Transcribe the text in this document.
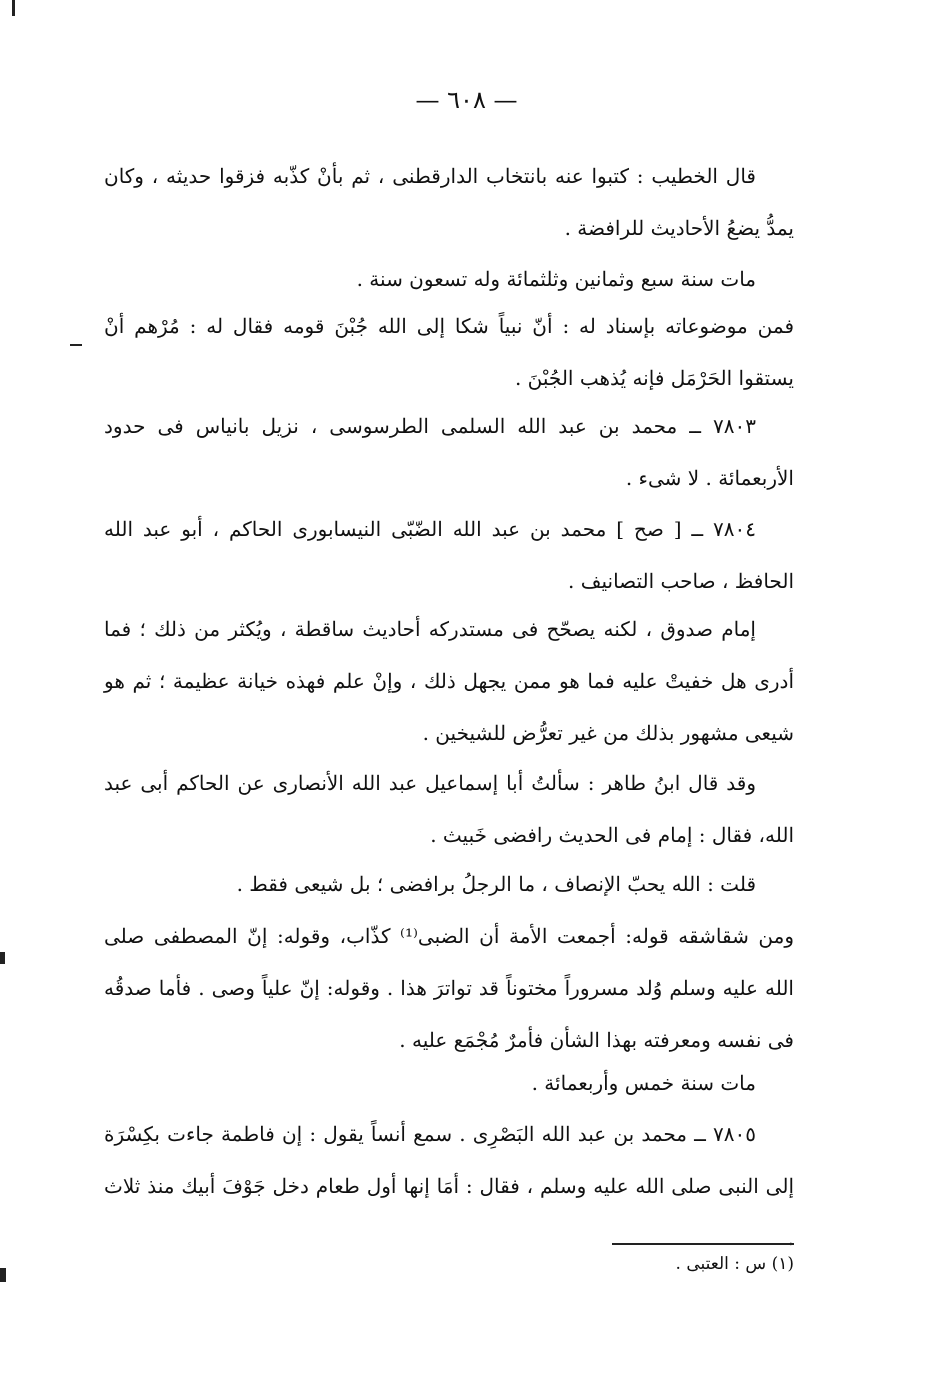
— ٦٠٨ —

قال الخطيب : كتبوا عنه بانتخاب الدارقطنى ، ثم بأنْ كذّبه فزقوا حديثه ، وكان يمدُّ يضعُ الأحاديث للرافضة .

مات سنة سبع وثمانين وثلثمائة وله تسعون سنة .

فمن موضوعاته بإسناد له : أنّ نبياً شكا إلى الله جُبْنَ قومه فقال له : مُرْهم أنْ يستقوا الحَرْمَل فإنه يُذهب الجُبْنَ .

٧٨٠٣ ــ محمد بن عبد الله السلمى الطرسوسى ، نزيل بانياس فى حدود الأربعمائة . لا شىء .

٧٨٠٤ ــ [ صح ] محمد بن عبد الله الضّبّى النيسابورى الحاكم ، أبو عبد الله الحافظ ، صاحب التصانيف .

إمام صدوق ، لكنه يصحّح فى مستدركه أحاديث ساقطة ، ويُكثر من ذلك ؛ فما أدرى هل خفيتْ عليه فما هو ممن يجهل ذلك ، وإنْ علم فهذه خيانة عظيمة ؛ ثم هو شيعى مشهور بذلك من غير تعرُّض للشيخين .

وقد قال ابنُ طاهر : سألتُ أبا إسماعيل عبد الله الأنصارى عن الحاكم أبى عبد الله، فقال : إمام فى الحديث رافضى خَبيث .

قلت : الله يحبّ الإنصاف ، ما الرجلُ برافضى ؛ بل شيعى فقط .

ومن شقاشقه قوله: أجمعت الأمة أن الضبى⁽¹⁾ كذّاب، وقوله: إنّ المصطفى صلى الله عليه وسلم وُلد مسروراً مختوناً قد تواترَ هذا . وقوله: إنّ علياً وصى . فأما صدقُه فى نفسه ومعرفته بهذا الشأن فأمرٌ مُجْمَع عليه .

مات سنة خمس وأربعمائة .

٧٨٠٥ ــ محمد بن عبد الله البَصْرِى . سمع أنساً يقول : إن فاطمة جاءت بكِسْرَة إلى النبى صلى الله عليه وسلم ، فقال : أمَا إنها أول طعام دخل جَوْفَ أبيك منذ ثلاث .

(١) س : العتبى .
